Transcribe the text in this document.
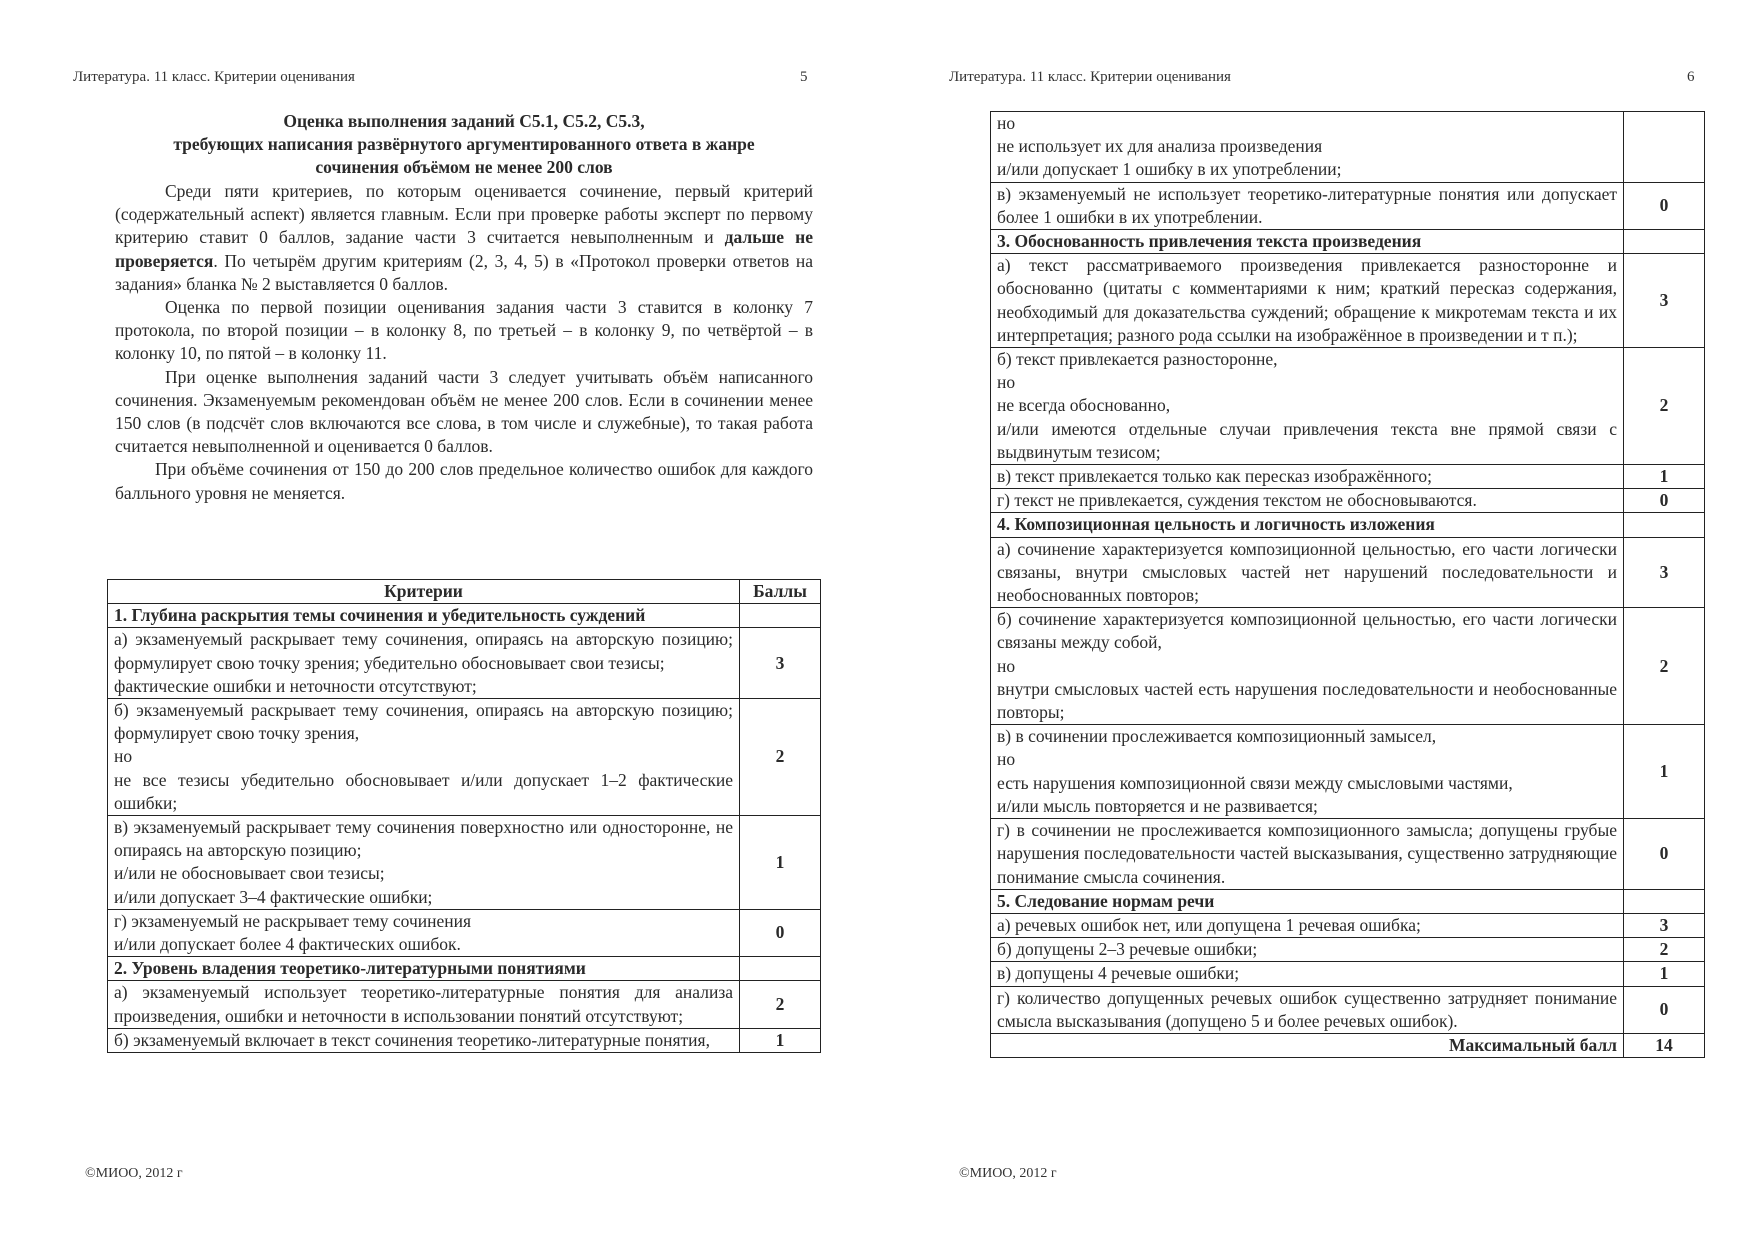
Литература. 11 класс. Критерии оценивания	5
Оценка выполнения заданий С5.1, С5.2, С5.3,
требующих написания развёрнутого аргументированного ответа в жанре
сочинения объёмом не менее 200 слов

Среди пяти критериев, по которым оценивается сочинение, первый критерий (содержательный аспект) является главным. Если при проверке работы эксперт по первому критерию ставит 0 баллов, задание части 3 считается невыполненным и дальше не проверяется. По четырём другим критериям (2, 3, 4, 5) в «Протокол проверки ответов на задания» бланка № 2 выставляется 0 баллов.

Оценка по первой позиции оценивания задания части 3 ставится в колонку 7 протокола, по второй позиции – в колонку 8, по третьей – в колонку 9, по четвёртой – в колонку 10, по пятой – в колонку 11.

При оценке выполнения заданий части 3 следует учитывать объём написанного сочинения. Экзаменуемым рекомендован объём не менее 200 слов. Если в сочинении менее 150 слов (в подсчёт слов включаются все слова, в том числе и служебные), то такая работа считается невыполненной и оценивается 0 баллов.

При объёме сочинения от 150 до 200 слов предельное количество ошибок для каждого балльного уровня не меняется.

Критерии	Баллы
1. Глубина раскрытия темы сочинения и убедительность суждений	

а) экзаменуемый раскрывает тему сочинения, опираясь на авторскую позицию; формулирует свою точку зрения; убедительно обосновывает свои тезисы;
фактические ошибки и неточности отсутствуют;	3

б) экзаменуемый раскрывает тему сочинения, опираясь на авторскую позицию; формулирует свою точку зрения,
но
не все тезисы убедительно обосновывает и/или допускает 1–2 фактические ошибки;	2

в) экзаменуемый раскрывает тему сочинения поверхностно или односторонне, не опираясь на авторскую позицию;
и/или не обосновывает свои тезисы;
и/или допускает 3–4 фактические ошибки;	1

г) экзаменуемый не раскрывает тему сочинения
и/или допускает более 4 фактических ошибок.	0
2. Уровень владения теоретико-литературными понятиями	

а) экзаменуемый использует теоретико-литературные понятия для анализа произведения, ошибки и неточности в использовании понятий отсутствуют;	2

б) экзаменуемый включает в текст сочинения теоретико-литературные понятия,	1
©МИОО, 2012 г
Литература. 11 класс. Критерии оценивания	6
но
не использует их для анализа произведения
и/или допускает 1 ошибку в их употреблении;	

в) экзаменуемый не использует теоретико-литературные понятия или допускает более 1 ошибки в их употреблении.	0
3. Обоснованность привлечения текста произведения	

а) текст рассматриваемого произведения привлекается разносторонне и обоснованно (цитаты с комментариями к ним; краткий пересказ содержания, необходимый для доказательства суждений; обращение к микротемам текста и их интерпретация; разного рода ссылки на изображённое в произведении и т п.);	3

б) текст привлекается разносторонне,
но
не всегда обоснованно,
и/или имеются отдельные случаи привлечения текста вне прямой связи с выдвинутым тезисом;	2

в) текст привлекается только как пересказ изображённого;	1

г) текст не привлекается, суждения текстом не обосновываются.	0
4. Композиционная цельность и логичность изложения	

а) сочинение характеризуется композиционной цельностью, его части логически связаны, внутри смысловых частей нет нарушений последовательности и необоснованных повторов;	3

б) сочинение характеризуется композиционной цельностью, его части логически связаны между собой,
но
внутри смысловых частей есть нарушения последовательности и необоснованные повторы;	2

в) в сочинении прослеживается композиционный замысел,
но
есть нарушения композиционной связи между смысловыми частями,
и/или мысль повторяется и не развивается;	1

г) в сочинении не прослеживается композиционного замысла; допущены грубые нарушения последовательности частей высказывания, существенно затрудняющие понимание смысла сочинения.	0
5. Следование нормам речи	

а) речевых ошибок нет, или допущена 1 речевая ошибка;	3

б) допущены 2–3 речевые ошибки;	2

в) допущены 4 речевые ошибки;	1

г) количество допущенных речевых ошибок существенно затрудняет понимание смысла высказывания (допущено 5 и более речевых ошибок).	0
Максимальный балл	14
©МИОО, 2012 г
